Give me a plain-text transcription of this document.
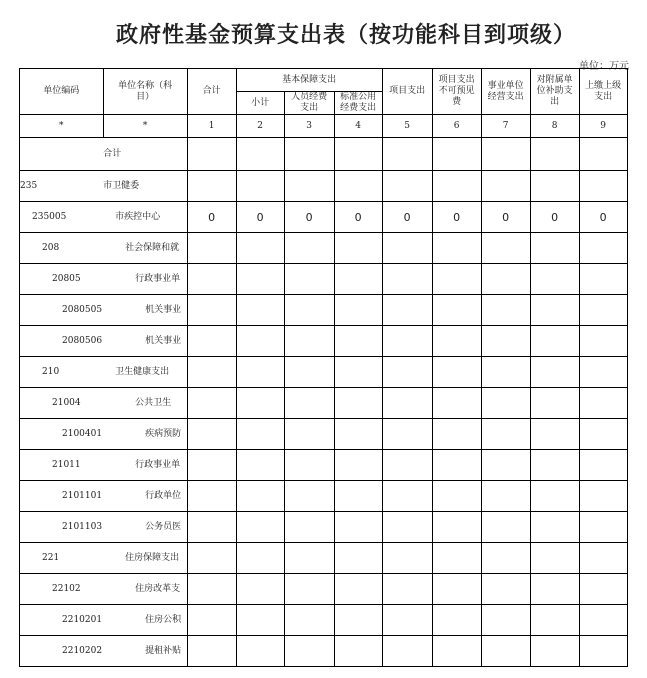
政府性基金预算支出表（按功能科目到项级）
单位：万元
单位编码	单位名称（科目）	合计	基本保障支出			项目支出	项目支出不可预见费	事业单位经营支出	对附属单位补助支出	上缴上级支出
			小计	人员经费支出	标准公用经费支出					
*	*	1	2	3	4	5	6	7	8	9
	合计									
235	市卫健委									
235005	市疾控中心	0	0	0	0	0	0	0	0	0
208	社会保障和就									
20805	行政事业单									
2080505	机关事业									
2080506	机关事业									
210	卫生健康支出									
21004	公共卫生									
2100401	疾病预防									
21011	行政事业单									
2101101	行政单位									
2101103	公务员医									
221	住房保障支出									
22102	住房改革支									
2210201	住房公积									
2210202	提租补贴									
